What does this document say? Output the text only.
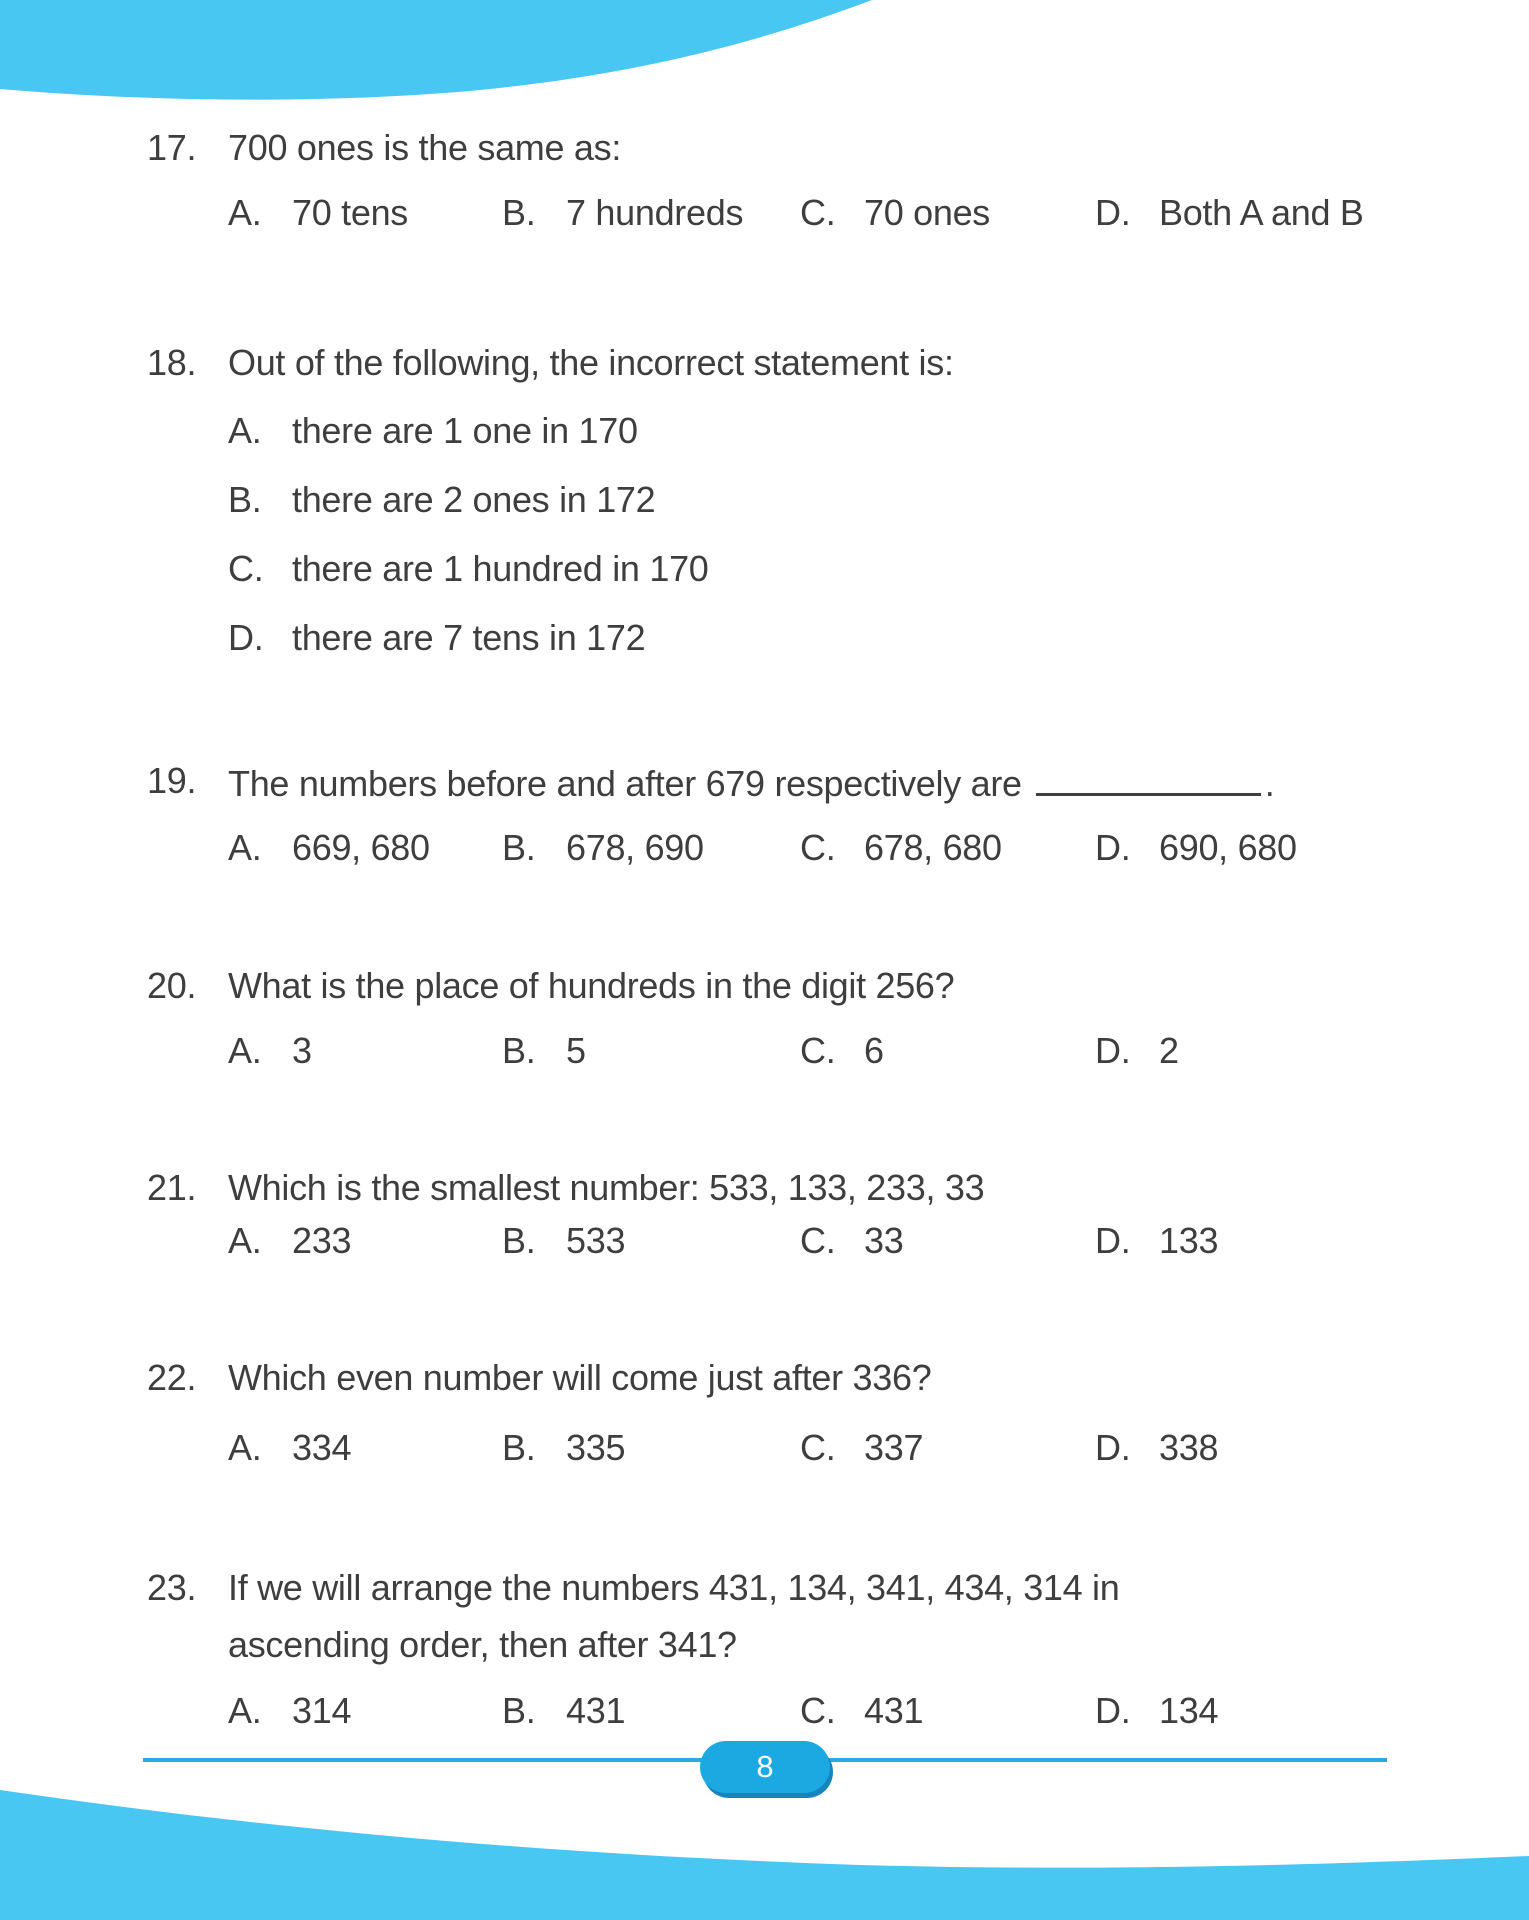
17. 700 ones is the same as:
A. 70 tens	B. 7 hundreds C. 70 ones	D. Both A and B
18. Out of the following, the incorrect statement is:
A. there are 1 one in 170
B. there are 2 ones in 172
C. there are 1 hundred in 170
D. there are 7 tens in 172
19. The numbers before and after 679 respectively are	.
A. 669, 680 B. 678, 690	C. 678, 680	D. 690, 680
20. What is the place of hundreds in the digit 256?
A. 3	B. 5	C. 6	D. 2
21. Which is the smallest number: 533, 133, 233, 33
A. 233	B. 533	C. 33	D. 133
22. Which even number will come just after 336?
A. 334	B. 335	C. 337	D. 338
23. If we will arrange the numbers 431, 134, 341, 434, 314 in
ascending order, then after 341?
A. 314	B. 431	C. 431	D. 134
8
